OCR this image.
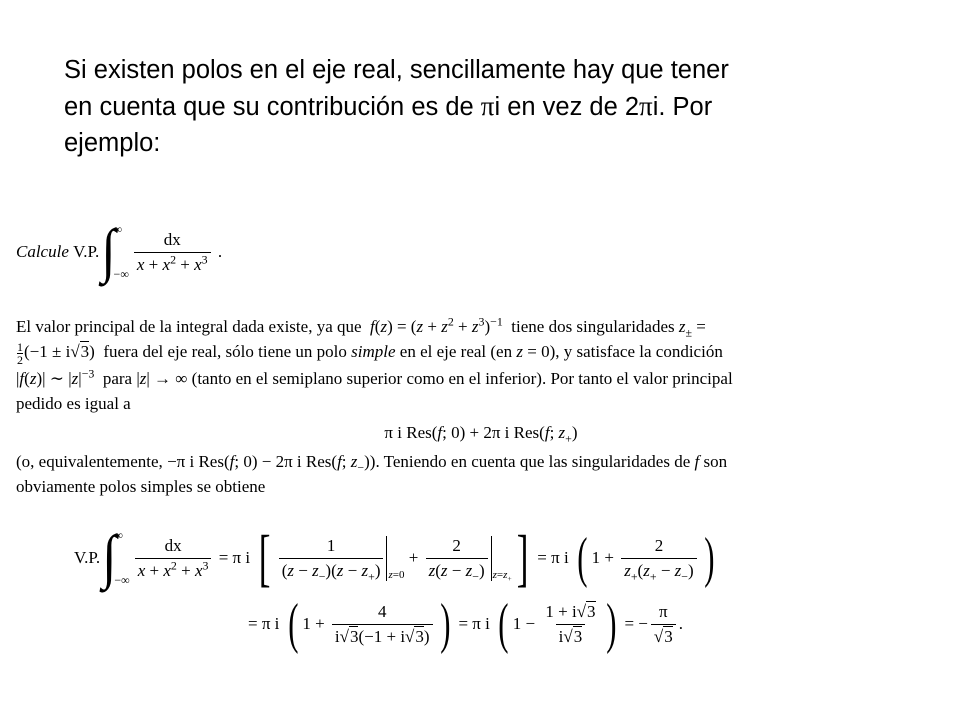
Si existen polos en el eje real, sencillamente hay que tener
en cuenta que su contribución es de πi en vez de 2πi. Por
ejemplo:
Calcule
V.P. ∫
∞
−∞ $\frac{dx}{x + x^2 + x^3}$ .
El valor principal de la integral dada existe, ya que $f(z) = (z + z^2 + z^3)^{-1}$ tiene dos singularidades $z_\pm$ =
$\frac{1}{2} (-1 \pm i√3)$  fuera del eje real, sólo tiene un polo simple en el eje real (en z = 0), y satisface la condición
|f(z)| ∼ $|z|^{-3}$ para |z| → ∞ (tanto en el semiplano superior como en el inferior). Por tanto el valor principal
pedido es igual a
π i Res(f; 0) + 2π i Res(f; $z_+$)
(o, equivalentemente, −π i Res(f; 0) − 2π i Res(f; $z_-$)). Teniendo en cuenta que las singularidades de f son
obviamente polos simples se obtiene
V.P. ∫
∞
−∞ $\frac{dx}{x + x^2 + x^3} = \pi$ i [ $\frac{1}{(z - z_-)(z - z_+)} z=0$
+ $\frac{2}{z(z - z_-)} z=z_+$ ] = π i ( $1 + \frac{2}{z_+(z_+ - z_-)}$ )
= π i ( $1 + \frac{4}{i√3(-1 + i√3)}$ ) = π i ( $1 - \frac{1 + i√3}{i√3}$ ) = − $\frac{\pi}{√3}$ .
